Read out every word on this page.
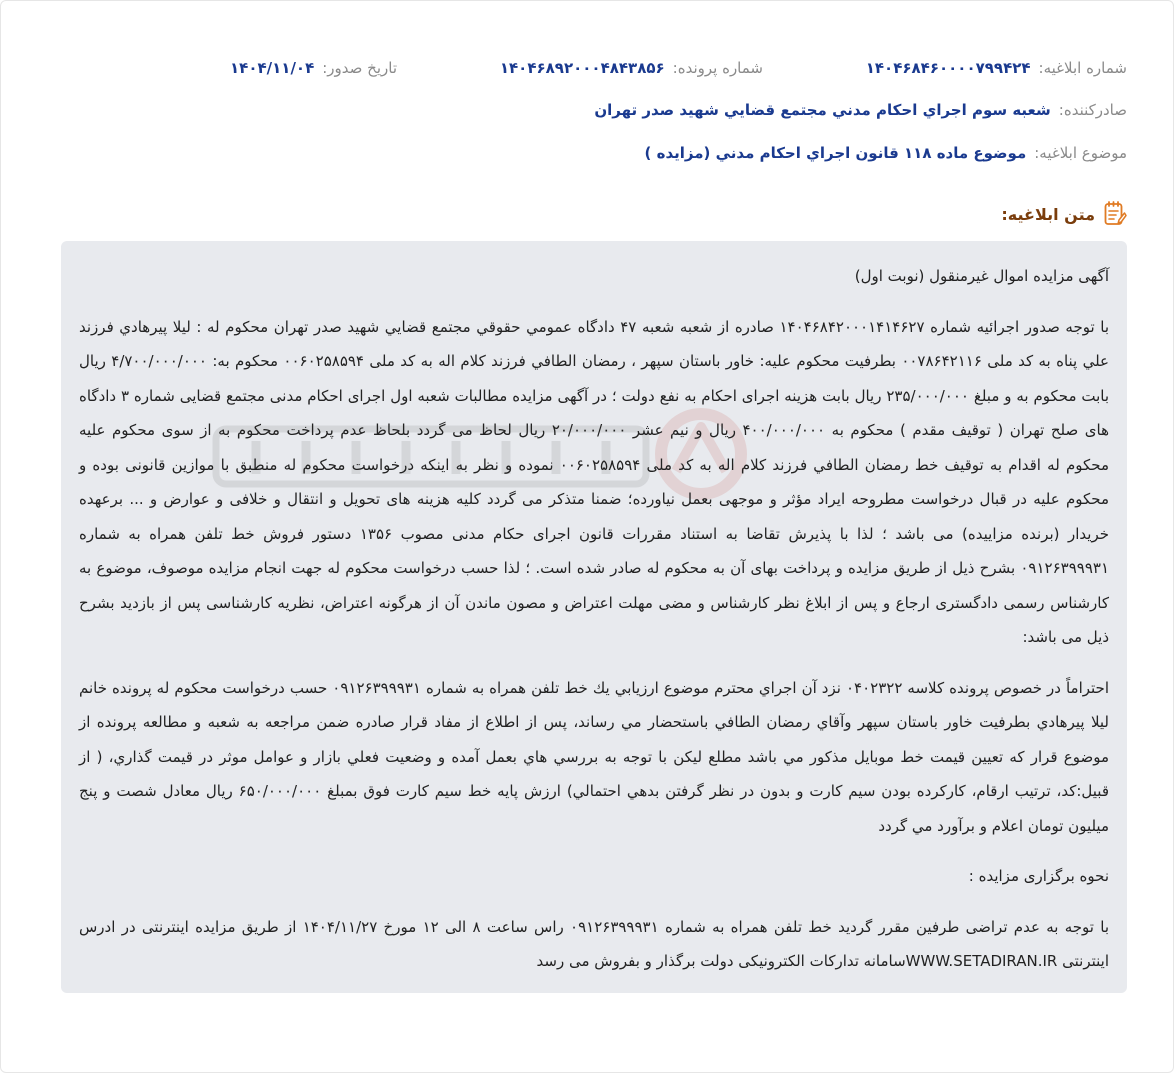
شماره ابلاغیه:
۱۴۰۴۶۸۴۶۰۰۰۰۷۹۹۴۲۴
شماره پرونده:
۱۴۰۴۶۸۹۲۰۰۰۴۸۴۳۸۵۶
تاریخ صدور:
۱۴۰۴/۱۱/۰۴
صادرکننده:
شعبه سوم اجراي احكام مدني مجتمع قضايي شهيد صدر تهران
موضوع ابلاغیه:
موضوع ماده ۱۱۸ قانون اجراي احكام مدني (مزايده )
متن ابلاغیه:

آگهی مزایده اموال غیرمنقول (نوبت اول)

با توجه صدور اجرائیه شماره ۱۴۰۴۶۸۴۲۰۰۰۱۴۱۴۶۲۷ صادره از شعبه شعبه ۴۷ دادگاه عمومي حقوقي مجتمع قضايي شهيد صدر تهران محكوم له : ليلا پيرهادي فرزند علي پناه به کد ملی ۰۰۷۸۶۴۲۱۱۶ بطرفیت محکوم علیه: خاور باستان سپهر ، رمضان الطافي فرزند كلام اله به کد ملی ۰۰۶۰۲۵۸۵۹۴ محکوم به: ۴/۷۰۰/۰۰۰/۰۰۰ ریال بابت محکوم به و مبلغ ۲۳۵/۰۰۰/۰۰۰ ریال بابت هزینه اجرای احکام به نفع دولت ؛ در آگهی مزایده مطالبات شعبه اول اجرای احکام مدنی مجتمع قضایی شماره ۳ دادگاه های صلح تهران ( توقیف مقدم ) محکوم به ۴۰۰/۰۰۰/۰۰۰ ریال و نیم عشر ۲۰/۰۰۰/۰۰۰ ریال لحاظ می گردد بلحاظ عدم پرداخت محکوم به از سوی محکوم علیه محکوم له اقدام به توقیف خط رمضان الطافي فرزند كلام اله به کد ملی ۰۰۶۰۲۵۸۵۹۴ نموده و نظر به اینکه درخواست محکوم له منطبق با موازین قانونی بوده و محکوم علیه در قبال درخواست مطروحه ایراد مؤثر و موجهی بعمل نیاورده؛ ضمنا متذکر می گردد کلیه هزینه های تحویل و انتقال و خلافی و عوارض و ... برعهده خریدار (برنده مزاییده) می باشد ؛ لذا با پذیرش تقاضا به استناد مقررات قانون اجرای حکام مدنی مصوب ۱۳۵۶ دستور فروش خط تلفن همراه به شماره ۰۹۱۲۶۳۹۹۹۳۱ بشرح ذیل از طریق مزایده و پرداخت بهای آن به محکوم له صادر شده است. ؛ لذا حسب درخواست محکوم له جهت انجام مزایده موصوف، موضوع به کارشناس رسمی دادگستری ارجاع و پس از ابلاغ نظر کارشناس و مضی مهلت اعتراض و مصون ماندن آن از هرگونه اعتراض، نظریه کارشناسی پس از بازدید بشرح ذیل می باشد:

احتراماً در خصوص پرونده كلاسه ۰۴۰۲۳۲۲ نزد آن اجراي محترم موضوع ارزيابي يك خط تلفن همراه به شماره ۰۹۱۲۶۳۹۹۹۳۱ حسب درخواست محكوم له پرونده خانم ليلا پيرهادي بطرفيت خاور باستان سپهر وآقاي رمضان الطافي باستحضار مي رساند، پس از اطلاع از مفاد قرار صادره ضمن مراجعه به شعبه و مطالعه پرونده از موضوع قرار كه تعيين قيمت خط موبايل مذكور مي باشد مطلع ليكن با توجه به بررسي هاي بعمل آمده و وضعيت فعلي بازار و عوامل موثر در قيمت گذاري، ( از قبيل:كد، ترتيب ارقام، كاركرده بودن سيم كارت و بدون در نظر گرفتن بدهي احتمالي) ارزش پايه خط سيم كارت فوق بمبلغ ۶۵۰/۰۰۰/۰۰۰ ريال معادل شصت و پنج ميليون تومان اعلام و برآورد مي گردد

نحوه برگزاری مزایده :

با توجه به عدم تراضی طرفین مقرر گردید خط تلفن همراه به شماره ۰۹۱۲۶۳۹۹۹۳۱ راس ساعت ۸ الی ۱۲ مورخ ۱۴۰۴/۱۱/۲۷ از طریق مزایده اینترنتی در ادرس اینترنتی WWW.SETADIRAN.IRسامانه تدارکات الکترونیکی دولت برگذار و بفروش می رسد
